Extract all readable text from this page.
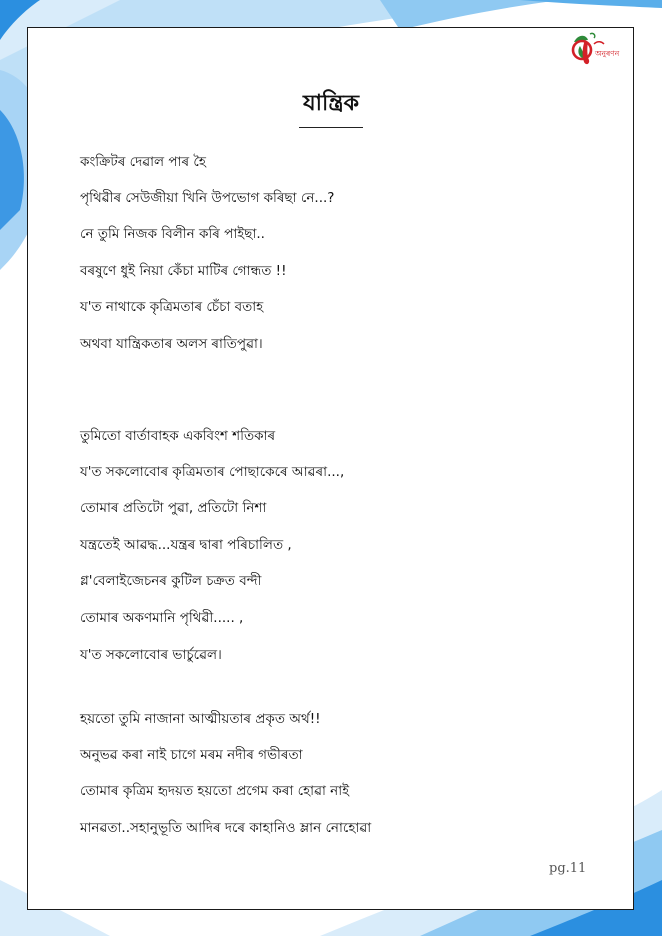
অনুৰণন
যান্ত্রিক
কংক্রিটৰ দেৱাল পাৰ হৈ
পৃথিৱীৰ সেউজীয়া খিনি উপভোগ কৰিছা নে...?
নে তুমি নিজক বিলীন কৰি পাইছা..
বৰষুণে ধুই নিয়া কেঁচা মাটিৰ গোন্ধত !!
য'ত নাথাকে কৃত্রিমতাৰ চেঁচা বতাহ
অথবা যান্ত্রিকতাৰ অলস ৰাতিপুৱা।
তুমিতো বাৰ্তাবাহক একবিংশ শতিকাৰ
য'ত সকলোবোৰ কৃত্রিমতাৰ পোছাকেৰে আৱৰা...,
তোমাৰ প্ৰতিটো পুৱা, প্ৰতিটো নিশা
যন্ত্ৰতেই আৱদ্ধ...যন্ত্ৰৰ দ্বাৰা পৰিচালিত ,
গ্ল'বেলাইজেচনৰ কুটিল চক্ৰত বন্দী
তোমাৰ অকণমানি পৃথিৱী..... ,
য'ত সকলোবোৰ ভাৰ্চুৱেল।
হয়তো তুমি নাজানা আত্মীয়তাৰ প্ৰকৃত অৰ্থ!!
অনুভৱ কৰা নাই চাগে মৰম নদীৰ গভীৰতা
তোমাৰ কৃত্ৰিম হৃদয়ত হয়তো প্ৰগেম কৰা হোৱা নাই
মানৱতা..সহানুভূতি আদিৰ দৰে কাহানিও ম্লান নোহোৱা
pg.11
